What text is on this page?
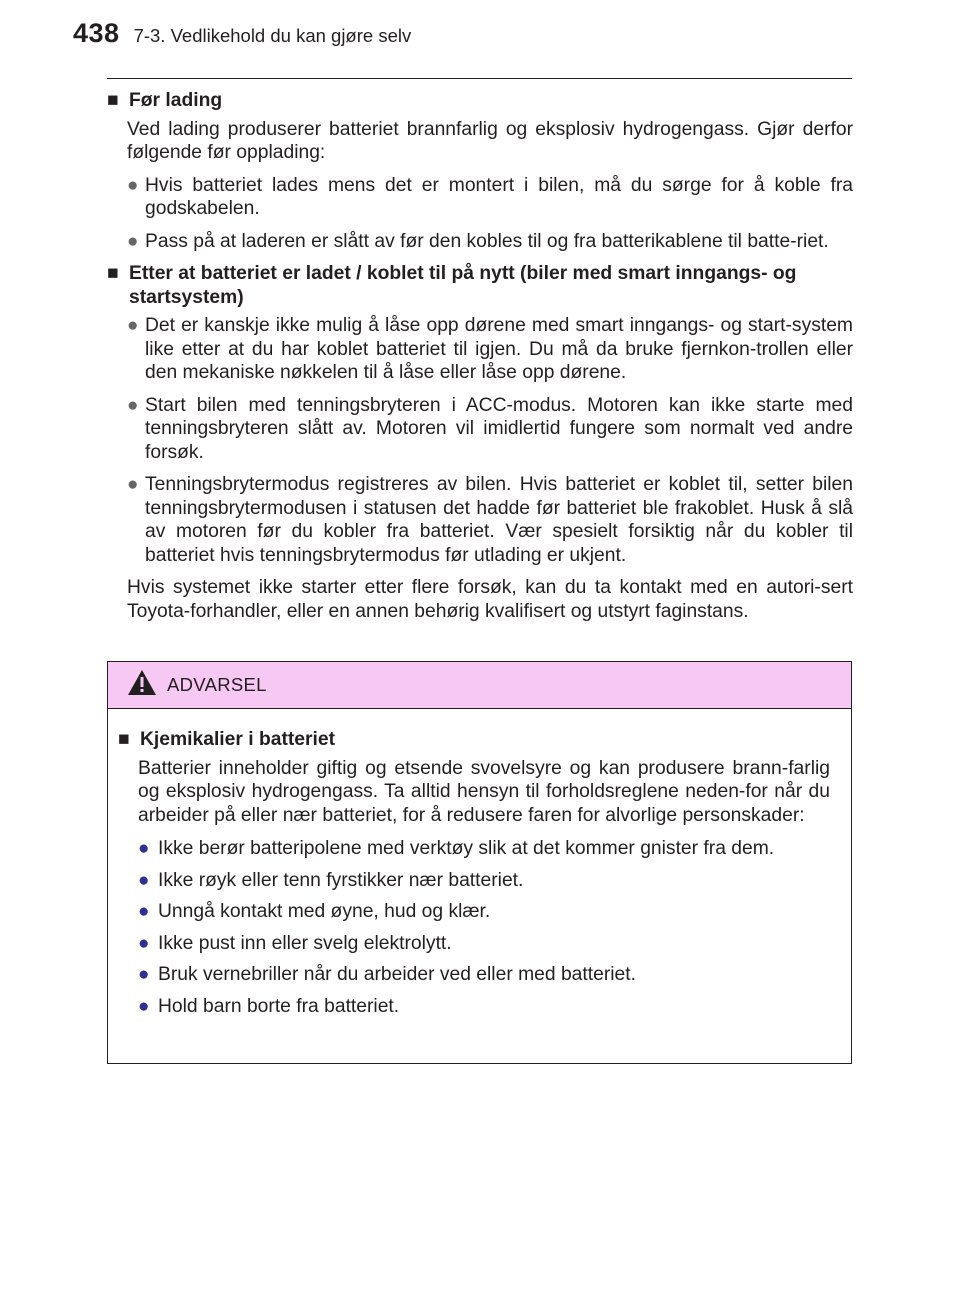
438 7-3. Vedlikehold du kan gjøre selv
■ Før lading
Ved lading produserer batteriet brannfarlig og eksplosiv hydrogengass. Gjør derfor følgende før opplading:
● Hvis batteriet lades mens det er montert i bilen, må du sørge for å koble fra godskabelen.
● Pass på at laderen er slått av før den kobles til og fra batterikablene til batte-riet.
■ Etter at batteriet er ladet / koblet til på nytt (biler med smart inngangs- og startsystem)
● Det er kanskje ikke mulig å låse opp dørene med smart inngangs- og start-system like etter at du har koblet batteriet til igjen. Du må da bruke fjernkon-trollen eller den mekaniske nøkkelen til å låse eller låse opp dørene.
● Start bilen med tenningsbryteren i ACC-modus. Motoren kan ikke starte med tenningsbryteren slått av. Motoren vil imidlertid fungere som normalt ved andre forsøk.
● Tenningsbrytermodus registreres av bilen. Hvis batteriet er koblet til, setter bilen tenningsbrytermodusen i statusen det hadde før batteriet ble frakoblet. Husk å slå av motoren før du kobler fra batteriet. Vær spesielt forsiktig når du kobler til batteriet hvis tenningsbrytermodus før utlading er ukjent.
Hvis systemet ikke starter etter flere forsøk, kan du ta kontakt med en autori-sert Toyota-forhandler, eller en annen behørig kvalifisert og utstyrt faginstans.
ADVARSEL
■ Kjemikalier i batteriet
Batterier inneholder giftig og etsende svovelsyre og kan produsere brann-farlig og eksplosiv hydrogengass. Ta alltid hensyn til forholdsreglene neden-for når du arbeider på eller nær batteriet, for å redusere faren for alvorlige personskader:
● Ikke berør batteripolene med verktøy slik at det kommer gnister fra dem.
● Ikke røyk eller tenn fyrstikker nær batteriet.
● Unngå kontakt med øyne, hud og klær.
● Ikke pust inn eller svelg elektrolytt.
● Bruk vernebriller når du arbeider ved eller med batteriet.
● Hold barn borte fra batteriet.
